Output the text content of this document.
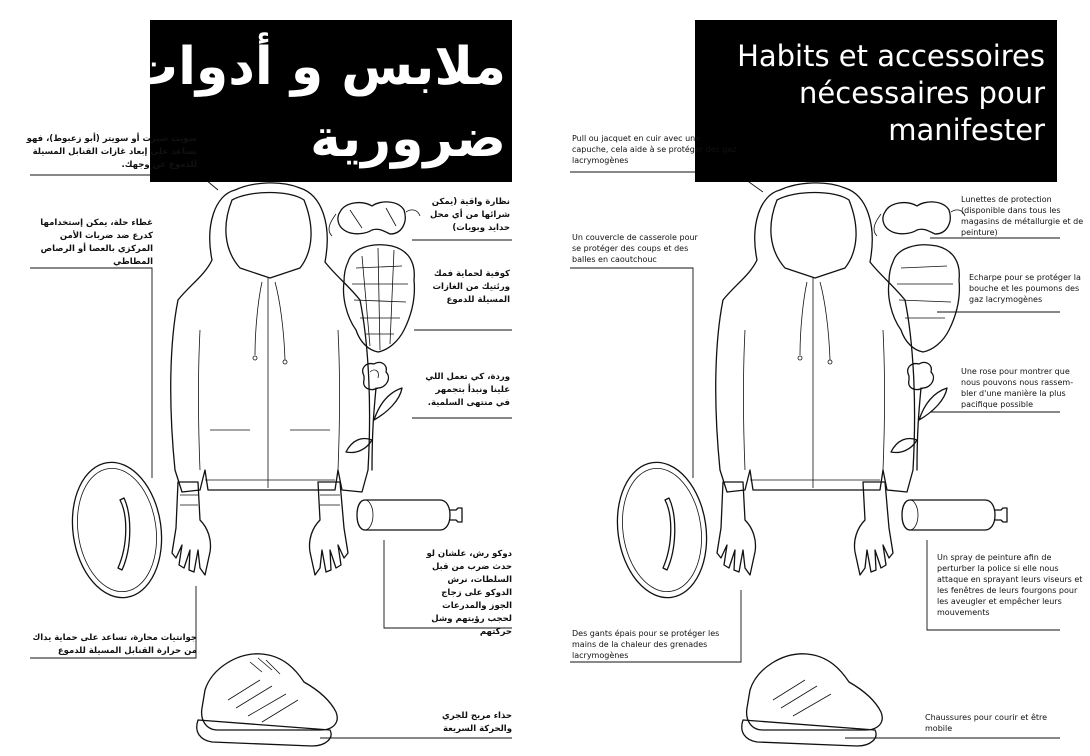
ملابس و أدوات
ضرورية
سويت شيرت أو سويتر (أبو زعبوط)، فهو يساعد على إبعاد غازات القنابل المسيلة للدموع عن وجهك.
غطاء حلة، يمكن إستخدامها كدرع ضد ضربات الأمن المركزي بالعصا أو الرصاص المطاطي
نظارة واقية (يمكن شرائها من أي محل حدايد وبويات)
كوفية لحماية فمك ورئتيك من الغازات المسيلة للدموع
وردة، كي تعمل اللي علينا ونبدأ بتجمهر في منتهى السلمية.
دوكو رش، علشان لو حدث ضرب من قبل السلطات، نرش الدوكو على زجاج الجوز والمدرعات لحجب رؤيتهم وشل حركتهم
جوانتيات محارة، تساعد على حماية يداك من حرارة القنابل المسيلة للدموع
حذاء مريح للجري والحركة السريعة
Habits et accessoires
nécessaires pour
manifester
Pull ou jacquet en cuir avec une capuche, cela aide à se protéger des gaz lacrymogènes
Un couvercle de casserole pour se protéger des coups et des balles en caoutchouc
Lunettes de protection (disponible dans tous les magasins de métallurgie et de peinture)
Echarpe pour se protéger la bouche et les poumons des gaz lacrymogènes
Une rose pour montrer que nous pouvons nous rassem-bler d'une manière la plus pacifique possible
Un spray de peinture afin de perturber la police si elle nous attaque en sprayant leurs viseurs et les fenêtres de leurs fourgons pour les aveugler et empêcher leurs mouvements
Des gants épais pour se protéger les mains de la chaleur des grenades lacrymogènes
Chaussures pour courir et être mobile
